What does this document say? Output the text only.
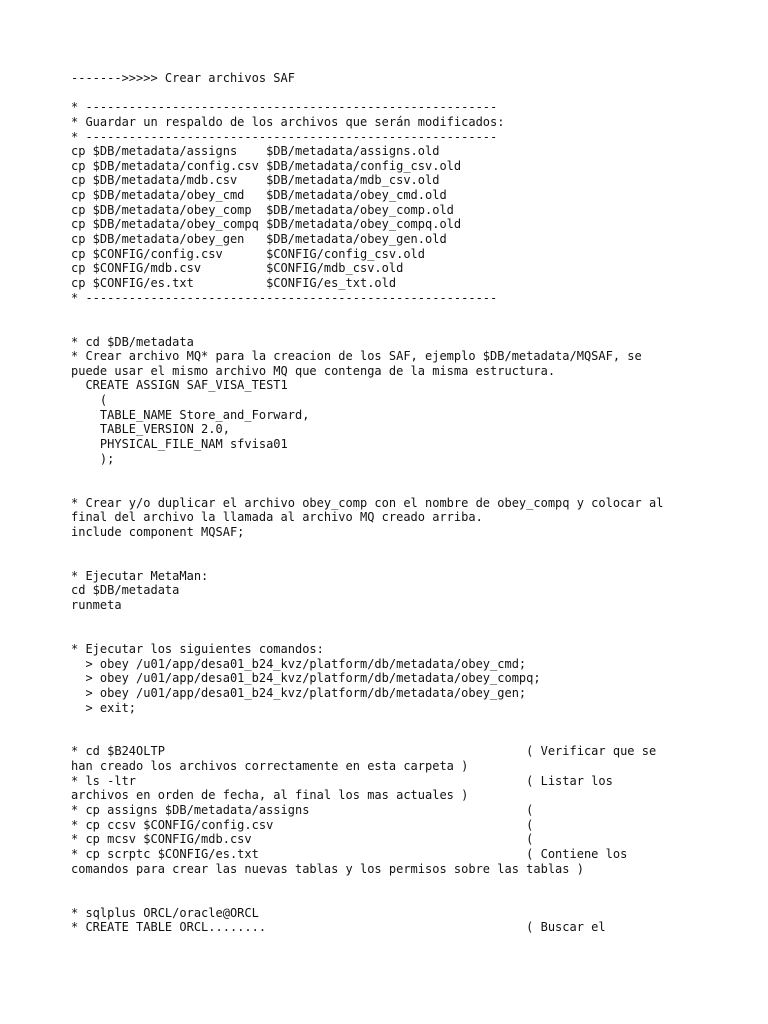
------->>>>> Crear archivos SAF
* ---------------------------------------------------------
* Guardar un respaldo de los archivos que serán modificados:
* ---------------------------------------------------------
cp $DB/metadata/assigns    $DB/metadata/assigns.old
cp $DB/metadata/config.csv $DB/metadata/config_csv.old
cp $DB/metadata/mdb.csv    $DB/metadata/mdb_csv.old
cp $DB/metadata/obey_cmd   $DB/metadata/obey_cmd.old
cp $DB/metadata/obey_comp  $DB/metadata/obey_comp.old
cp $DB/metadata/obey_compq $DB/metadata/obey_compq.old
cp $DB/metadata/obey_gen   $DB/metadata/obey_gen.old
cp $CONFIG/config.csv      $CONFIG/config_csv.old
cp $CONFIG/mdb.csv         $CONFIG/mdb_csv.old
cp $CONFIG/es.txt          $CONFIG/es_txt.old
* ---------------------------------------------------------
* cd $DB/metadata
* Crear archivo MQ* para la creacion de los SAF, ejemplo $DB/metadata/MQSAF, se
puede usar el mismo archivo MQ que contenga de la misma estructura.
CREATE ASSIGN SAF_VISA_TEST1
(
TABLE_NAME Store_and_Forward,
TABLE_VERSION 2.0,
PHYSICAL_FILE_NAM sfvisa01
);
* Crear y/o duplicar el archivo obey_comp con el nombre de obey_compq y colocar al
final del archivo la llamada al archivo MQ creado arriba.
include component MQSAF;
* Ejecutar MetaMan:
cd $DB/metadata
runmeta
* Ejecutar los siguientes comandos:
> obey /u01/app/desa01_b24_kvz/platform/db/metadata/obey_cmd;
> obey /u01/app/desa01_b24_kvz/platform/db/metadata/obey_compq;
> obey /u01/app/desa01_b24_kvz/platform/db/metadata/obey_gen;
> exit;
* cd $B24OLTP                                                  ( Verificar que se
han creado los archivos correctamente en esta carpeta )
* ls -ltr                                                      ( Listar los
archivos en orden de fecha, al final los mas actuales )
* cp assigns $DB/metadata/assigns                              (
* cp ccsv $CONFIG/config.csv                                   (
* cp mcsv $CONFIG/mdb.csv                                      (
* cp scrptc $CONFIG/es.txt                                     ( Contiene los
comandos para crear las nuevas tablas y los permisos sobre las tablas )
* sqlplus ORCL/oracle@ORCL
* CREATE TABLE ORCL........                                    ( Buscar el
